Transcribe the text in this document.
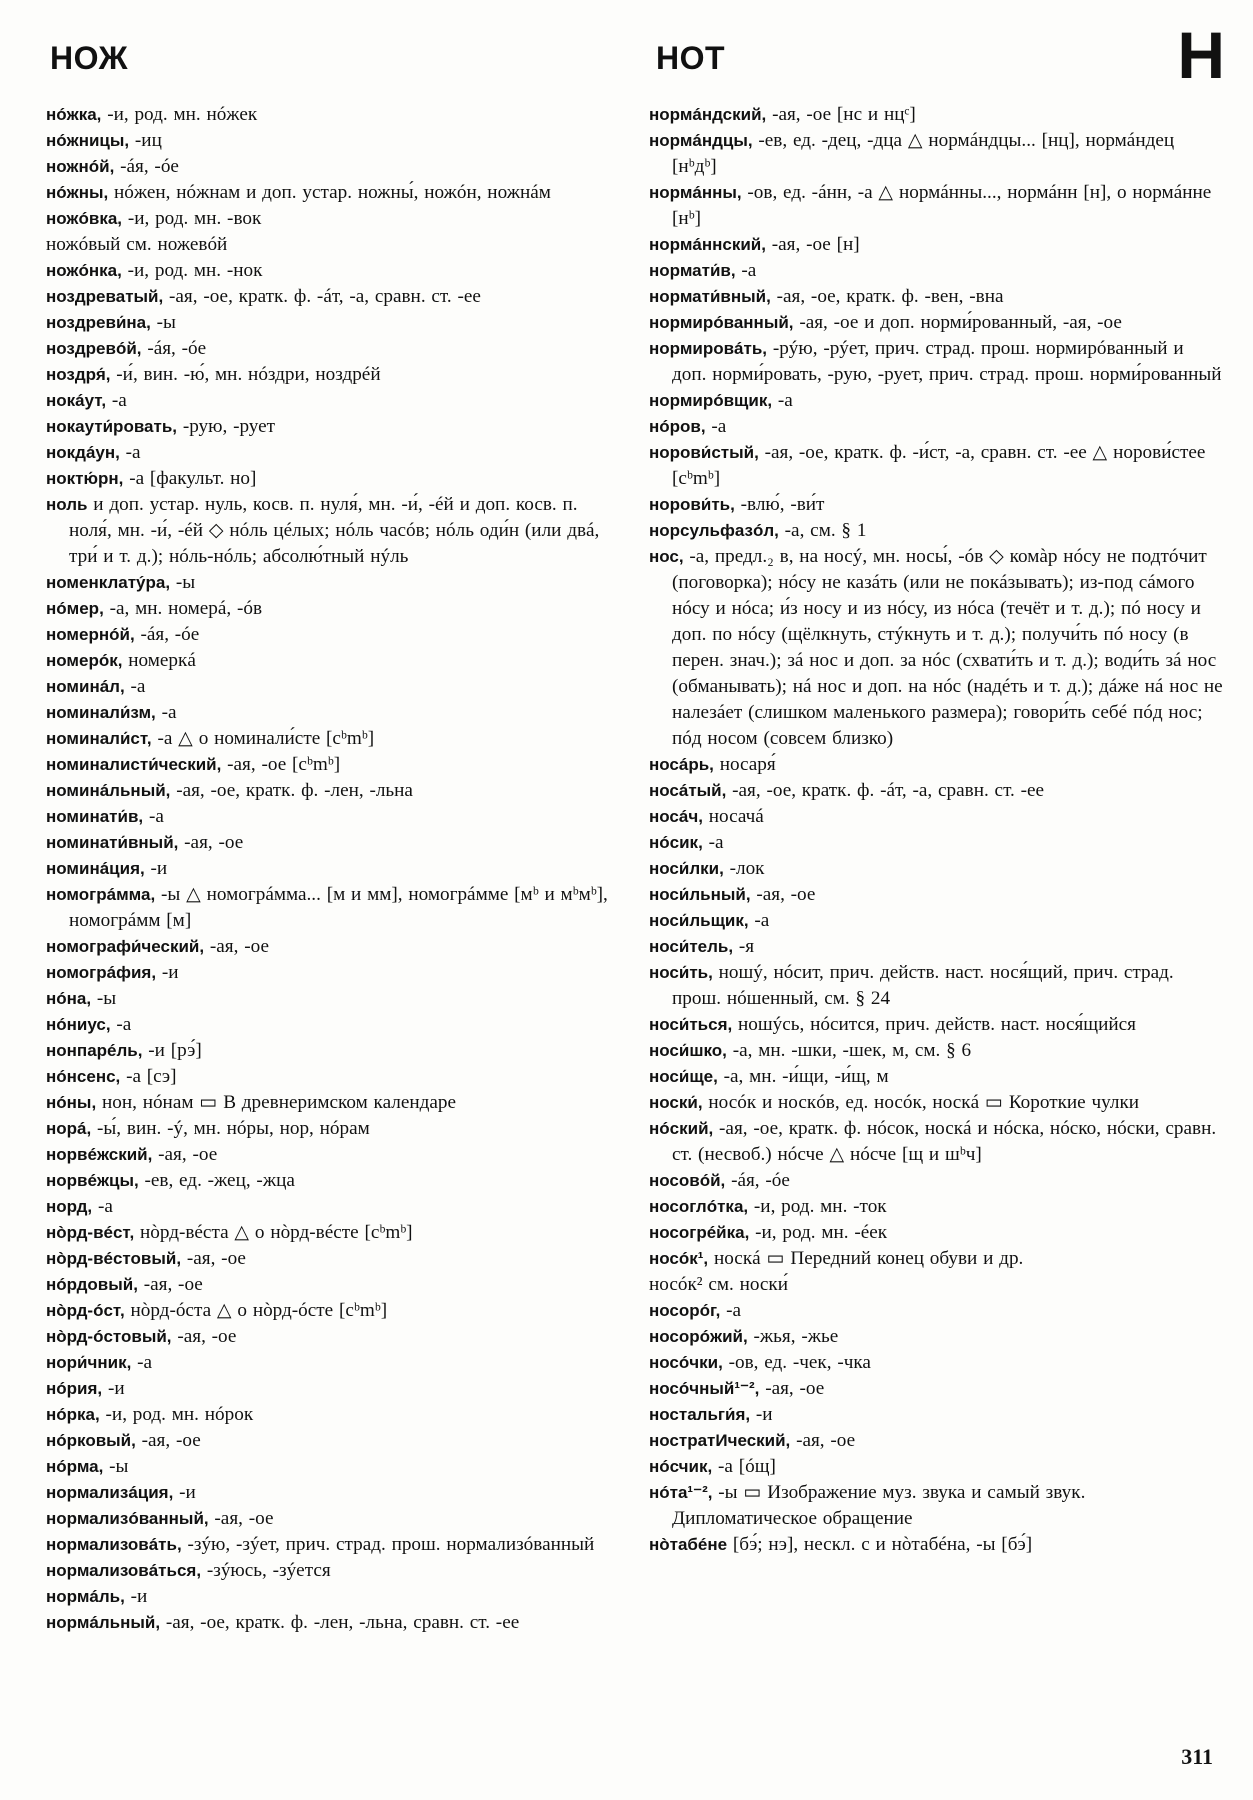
НОЖ	НОТ	Н
нóжка, -и, род. мн. нóжек
нóжницы, -иц
ножнóй, -áя, -óе
нóжны, нóжен, нóжнам и доп. устар. ножны́, ножóн, ножнáм
ножóвка, -и, род. мн. -вок
ножóвый см. ножевóй
ножóнка, -и, род. мн. -нок
ноздреватый, -ая, -ое, кратк. ф. -áт, -а, сравн. ст. -ее
ноздреви́на, -ы
ноздревóй, -áя, -óе
ноздря́, -и́, вин. -ю́, мн. нóздри, ноздрéй
нокáут, -а
нокаути́ровать, -рую, -рует
нокдáун, -а
ноктю́рн, -а [факульт. но]
ноль и доп. устар. нуль, косв. п. нуля́, мн. -и́, -éй и доп. косв. п. ноля́, мн. -и́, -éй ◇ нóль цéлых; нóль часóв; нóль оди́н (или двá, три́ и т. д.); нóль-нóль; абсолю́тный нýль
номенклатýра, -ы
нóмер, -а, мн. номерá, -óв
номернóй, -áя, -óе
номерóк, номеркá
номинáл, -а
номинали́зм, -а
номинали́ст, -а △ о номинали́сте [cᵇmᵇ]
номиналисти́ческий, -ая, -ое [cᵇmᵇ]
номинáльный, -ая, -ое, кратк. ф. -лен, -льна
номинати́в, -а
номинати́вный, -ая, -ое
номинáция, -и
номогрáмма, -ы △ номогрáмма... [м и мм], номогрáмме [мᵇ и мᵇмᵇ], номогрáмм [м]
номографи́ческий, -ая, -ое
номогрáфия, -и
нóна, -ы
нóниус, -а
нонпарéль, -и [рэ́]
нóнсенс, -а [сэ]
нóны, нон, нóнам ▭ В древнеримском календаре
норá, -ы́, вин. -ý, мн. нóры, нор, нóрам
норвéжский, -ая, -ое
норвéжцы, -ев, ед. -жец, -жца
норд, -а
нòрд-вéст, нòрд-вéста △ о нòрд-вéсте [cᵇmᵇ]
нòрд-вéстовый, -ая, -ое
нóрдовый, -ая, -ое
нòрд-óст, нòрд-óста △ о нòрд-óсте [cᵇmᵇ]
нòрд-óстовый, -ая, -ое
нори́чник, -а
нóрия, -и
нóрка, -и, род. мн. нóрок
нóрковый, -ая, -ое
нóрма, -ы
нормализáция, -и
нормализóванный, -ая, -ое
нормализовáть, -зýю, -зýет, прич. страд. прош. нормализóванный
нормализовáться, -зýюсь, -зýется
нормáль, -и
нормáльный, -ая, -ое, кратк. ф. -лен, -льна, сравн. ст. -ее
нормáндский, -ая, -ое [нс и нцᶜ]
нормáндцы, -ев, ед. -дец, -дца △ нормáндцы... [нц], нормáндец [нᵇдᵇ]
нормáнны, -ов, ед. -áнн, -а △ нормáнны..., нормáнн [н], о нормáнне [нᵇ]
нормáннский, -ая, -ое [н]
нормати́в, -а
нормати́вный, -ая, -ое, кратк. ф. -вен, -вна
нормирóванный, -ая, -ое и доп. норми́рованный, -ая, -ое
нормировáть, -рýю, -рýет, прич. страд. прош. нормирóванный и доп. норми́ровать, -рую, -рует, прич. страд. прош. норми́рованный
нормирóвщик, -а
нóров, -а
норови́стый, -ая, -ое, кратк. ф. -и́ст, -а, сравн. ст. -ее △ норови́стее [cᵇmᵇ]
норови́ть, -влю́, -ви́т
норсульфазóл, -а, см. § 1
нос, -а, предл.₂ в, на носý, мн. носы́, -óв ◇ комàр нóсу не подтóчит (поговорка); нóсу не казáть (или не покáзывать); из-под сáмого нóсу и нóса; и́з носу и из нóсу, из нóса (течёт и т. д.); пó носу и доп. по нóсу (щёлкнуть, стýкнуть и т. д.); получи́ть пó носу (в перен. знач.); зá нос и доп. за нóс (схвати́ть и т. д.); води́ть зá нос (обманывать); нá нос и доп. на нóс (надéть и т. д.); дáже нá нос не налезáет (слишком маленького размера); говори́ть себé пóд нос; пóд носом (совсем близко)
носáрь, носаря́
носáтый, -ая, -ое, кратк. ф. -áт, -а, сравн. ст. -ее
носáч, носачá
нóсик, -а
носи́лки, -лок
носи́льный, -ая, -ое
носи́льщик, -а
носи́тель, -я
носи́ть, ношý, нóсит, прич. действ. наст. нося́щий, прич. страд. прош. нóшенный, см. § 24
носи́ться, ношýсь, нóсится, прич. действ. наст. нося́щийся
носи́шко, -а, мн. -шки, -шек, м, см. § 6
носи́ще, -а, мн. -и́щи, -и́щ, м
носки́, носóк и носкóв, ед. носóк, носкá ▭ Короткие чулки
нóский, -ая, -ое, кратк. ф. нóсок, носкá и нóска, нóско, нóски, сравн. ст. (несвоб.) нóсче △ нóсче [щ и шᵇч]
носовóй, -áя, -óе
носоглóтка, -и, род. мн. -ток
носогрéйка, -и, род. мн. -éек
носóк¹, носкá ▭ Передний конец обуви и др.
носóк² см. носки́
носорóг, -а
носорóжий, -жья, -жье
носóчки, -ов, ед. -чек, -чка
носóчный¹⁻², -ая, -ое
ностальги́я, -и
ностратИческий, -ая, -ое
нóсчик, -а [óщ]
нóта¹⁻², -ы ▭ Изображение муз. звука и самый звук. Дипломатическое обращение
нòтабéне [бэ́; нэ], нескл. с и нòтабéна, -ы [бэ́]
311
